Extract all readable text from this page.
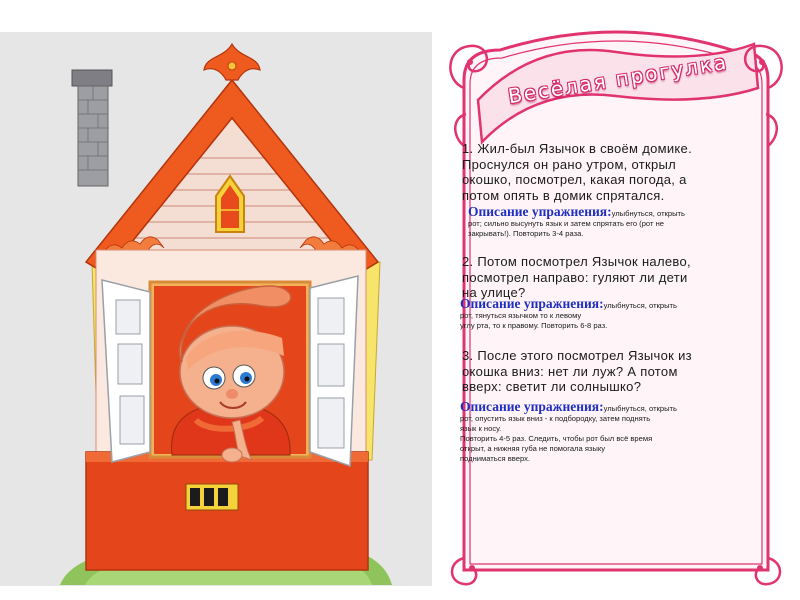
Весёлая прогулка

1. Жил-был Язычок в своём домике.
Проснулся он рано утром, открыл
окошко, посмотрел, какая погода, а
потом опять в домик спрятался.

Описание упражнения:улыбнуться, открыть
рот; сильно высунуть язык и затем спрятать его (рот не
закрывать!). Повторить 3-4 раза.

2. Потом посмотрел Язычок налево,
посмотрел направо: гуляют ли дети
на улице?

Описание упражнения:улыбнуться, открыть
рот, тянуться язычком то к левому
углу рта, то к правому. Повторить 6-8 раз.

3. После этого посмотрел Язычок из
окошка вниз: нет ли луж? А потом
вверх: светит ли солнышко?

Описание упражнения:улыбнуться, открыть
рот, опустить язык вниз - к подбородку, затем поднять
язык к носу.
Повторить 4-5 раз. Следить, чтобы рот был всё время
открыт, а нижняя губа не помогала языку
подниматься вверх.
